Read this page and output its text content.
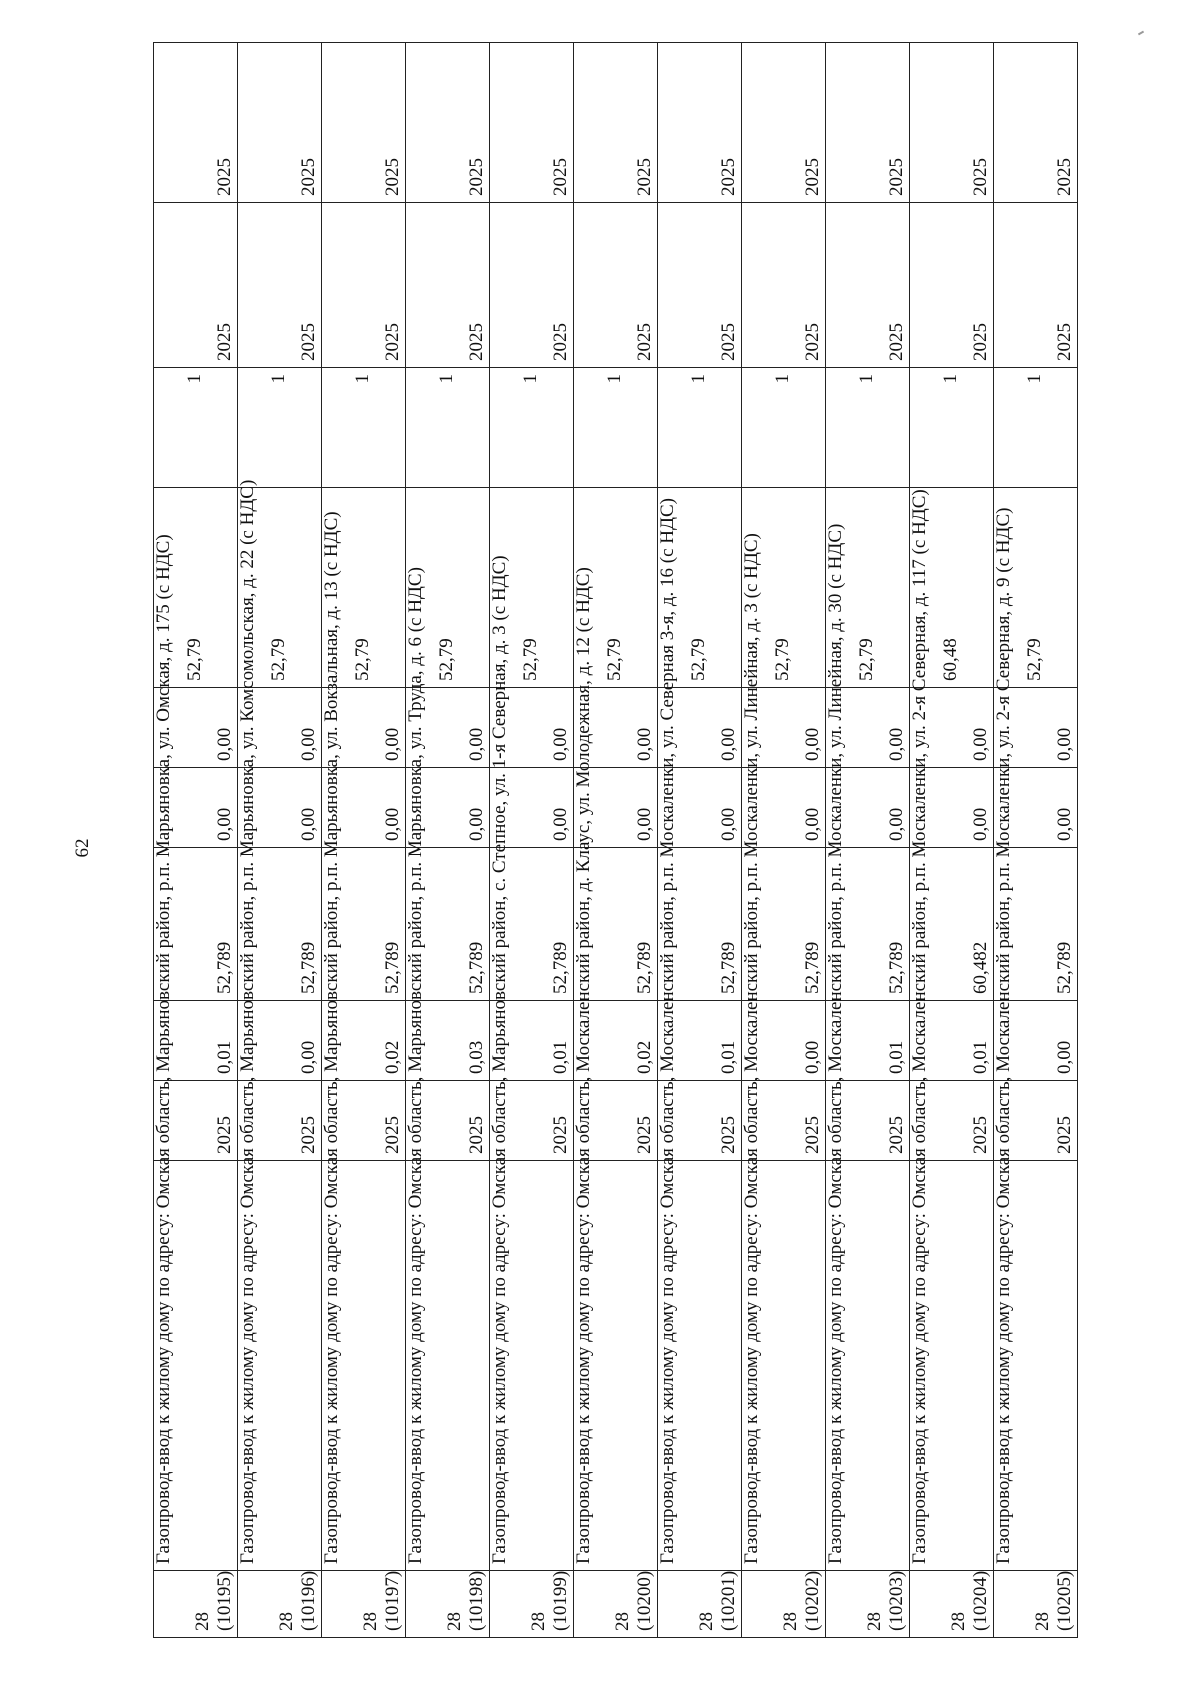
62
28
(10195)	Газопровод-ввод к жилому дому по адресу: Омская область, Марьяновский район, р.п. Марьяновка, ул. Омская, д. 175 (с НДС)	2025	0,01	52,789	0,00	0,00	52,79	1	2025	2025
28
(10196)	Газопровод-ввод к жилому дому по адресу: Омская область, Марьяновский район, р.п. Марьяновка, ул. Комсомольская, д. 22 (с НДС)	2025	0,00	52,789	0,00	0,00	52,79	1	2025	2025
28
(10197)	Газопровод-ввод к жилому дому по адресу: Омская область, Марьяновский район, р.п. Марьяновка, ул. Вокзальная, д. 13 (с НДС)	2025	0,02	52,789	0,00	0,00	52,79	1	2025	2025
28
(10198)	Газопровод-ввод к жилому дому по адресу: Омская область, Марьяновский район, р.п. Марьяновка, ул. Труда, д. 6 (с НДС)	2025	0,03	52,789	0,00	0,00	52,79	1	2025	2025
28
(10199)	Газопровод-ввод к жилому дому по адресу: Омская область, Марьяновский район, с. Степное, ул. 1-я Северная, д. 3 (с НДС)	2025	0,01	52,789	0,00	0,00	52,79	1	2025	2025
28
(10200)	Газопровод-ввод к жилому дому по адресу: Омская область, Москаленский район, д. Клаус, ул. Молодежная, д. 12 (с НДС)	2025	0,02	52,789	0,00	0,00	52,79	1	2025	2025
28
(10201)	Газопровод-ввод к жилому дому по адресу: Омская область, Москаленский район, р.п. Москаленки, ул. Северная 3-я, д. 16 (с НДС)	2025	0,01	52,789	0,00	0,00	52,79	1	2025	2025
28
(10202)	Газопровод-ввод к жилому дому по адресу: Омская область, Москаленский район, р.п. Москаленки, ул. Линейная, д. 3 (с НДС)	2025	0,00	52,789	0,00	0,00	52,79	1	2025	2025
28
(10203)	Газопровод-ввод к жилому дому по адресу: Омская область, Москаленский район, р.п. Москаленки, ул. Линейная, д. 30 (с НДС)	2025	0,01	52,789	0,00	0,00	52,79	1	2025	2025
28
(10204)	Газопровод-ввод к жилому дому по адресу: Омская область, Москаленский район, р.п. Москаленки, ул. 2-я Северная, д. 117 (с НДС)	2025	0,01	60,482	0,00	0,00	60,48	1	2025	2025
28
(10205)	Газопровод-ввод к жилому дому по адресу: Омская область, Москаленский район, р.п. Москаленки, ул. 2-я Северная, д. 9 (с НДС)	2025	0,00	52,789	0,00	0,00	52,79	1	2025	2025
